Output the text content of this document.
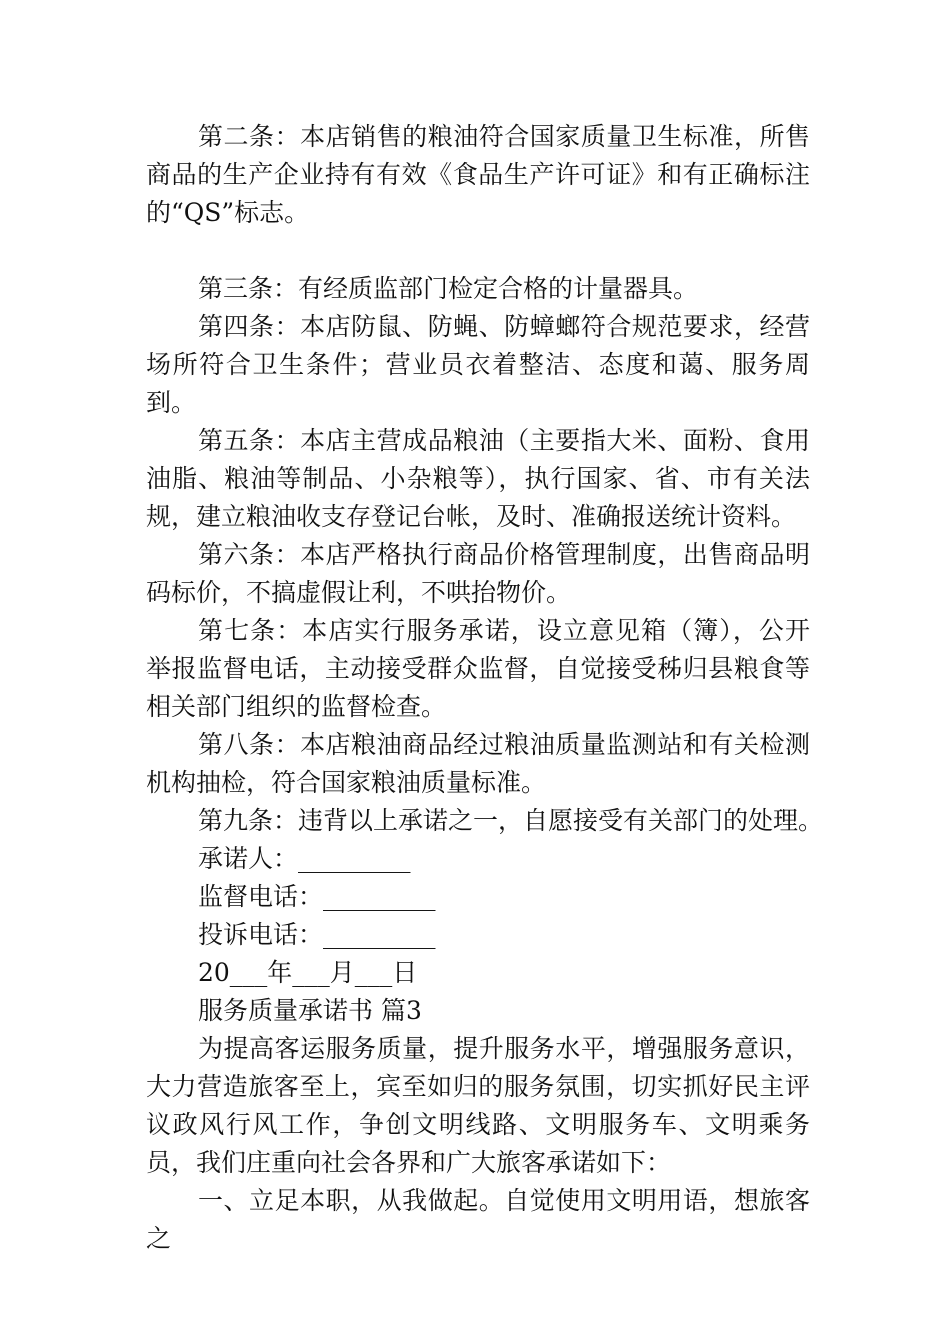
第二条：本店销售的粮油符合国家质量卫生标准，所售商品的生产企业持有有效《食品生产许可证》和有正确标注的“QS”标志。

第三条：有经质监部门检定合格的计量器具。

第四条：本店防鼠、防蝇、防蟑螂符合规范要求，经营场所符合卫生条件；营业员衣着整洁、态度和蔼、服务周到。

第五条：本店主营成品粮油（主要指大米、面粉、食用油脂、粮油等制品、小杂粮等），执行国家、省、市有关法规，建立粮油收支存登记台帐，及时、准确报送统计资料。

第六条：本店严格执行商品价格管理制度，出售商品明码标价，不搞虚假让利，不哄抬物价。

第七条：本店实行服务承诺，设立意见箱（簿），公开举报监督电话，主动接受群众监督，自觉接受秭归县粮食等相关部门组织的监督检查。

第八条：本店粮油商品经过粮油质量监测站和有关检测机构抽检，符合国家粮油质量标准。

第九条：违背以上承诺之一，自愿接受有关部门的处理。

承诺人：_________

监督电话：_________

投诉电话：_________

20___年___月___日

服务质量承诺书 篇3

为提高客运服务质量，提升服务水平，增强服务意识，大力营造旅客至上，宾至如归的服务氛围，切实抓好民主评议政风行风工作，争创文明线路、文明服务车、文明乘务员，我们庄重向社会各界和广大旅客承诺如下：

一、立足本职，从我做起。自觉使用文明用语，想旅客之
